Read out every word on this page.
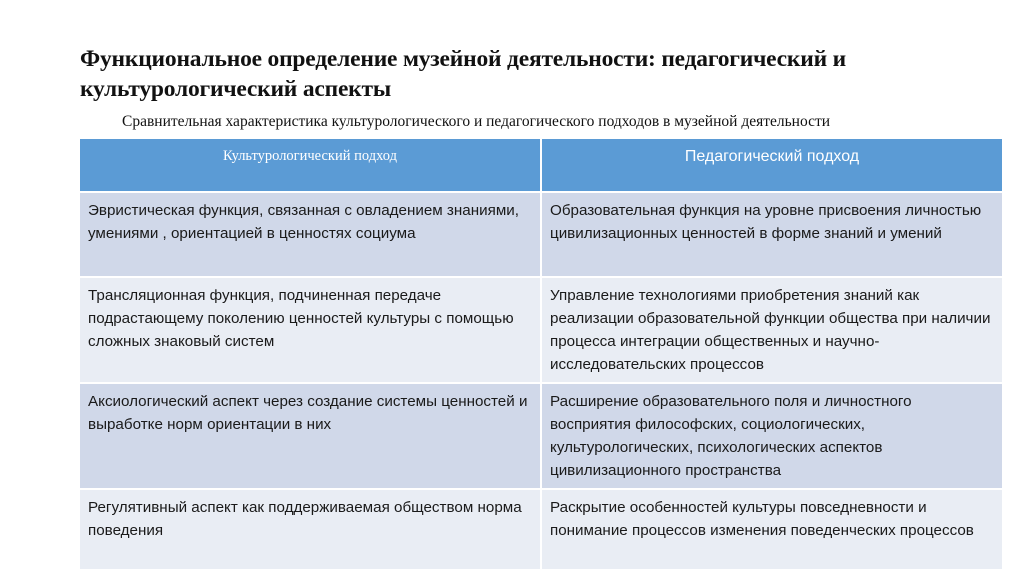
Функциональное определение музейной деятельности: педагогический и культурологический аспекты
Сравнительная характеристика культурологического и педагогического подходов в музейной деятельности
Культурологический подход	Педагогический подход
Эвристическая функция, связанная с овладением знаниями, умениями , ориентацией в ценностях социума	Образовательная функция на уровне присвоения личностью цивилизационных ценностей в форме знаний и умений
Трансляционная функция, подчиненная передаче подрастающему поколению ценностей культуры с помощью сложных знаковый систем	Управление технологиями приобретения знаний как реализации образовательной функции общества при наличии процесса интеграции общественных и научно-исследовательских процессов
Аксиологический аспект через создание системы ценностей и выработке норм ориентации в них	Расширение образовательного поля и личностного восприятия философских, социологических, культурологических, психологических аспектов цивилизационного пространства
Регулятивный аспект как поддерживаемая обществом норма поведения	Раскрытие особенностей культуры повседневности и понимание процессов изменения поведенческих процессов
